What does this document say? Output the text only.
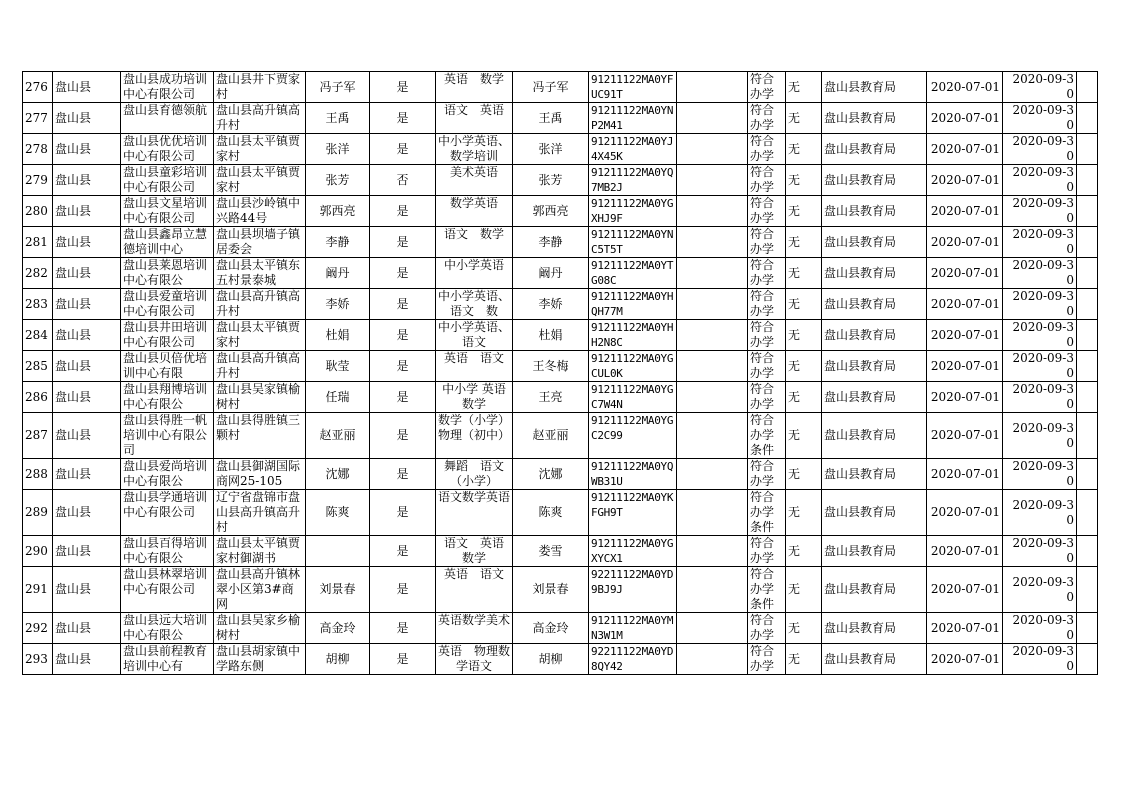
276	盘山县	盘山县成功培训中心有限公司	盘山县井下贾家村	冯子军	是	英语　数学	冯子军	91211122MA0YFUC91T		符合办学	无	盘山县教育局	2020-07-01	2020-09-30	

277	盘山县	盘山县育德领航	盘山县高升镇高升村	王禹	是	语文　英语	王禹	91211122MA0YNP2M41		符合办学	无	盘山县教育局	2020-07-01	2020-09-30	

278	盘山县	盘山县优优培训中心有限公司	盘山县太平镇贾家村	张洋	是	中小学英语、数学培训	张洋	91211122MA0YJ4X45K		符合办学	无	盘山县教育局	2020-07-01	2020-09-30	

279	盘山县	盘山县童彩培训中心有限公司	盘山县太平镇贾家村	张芳	否	美术英语	张芳	91211122MA0YQ7MB2J		符合办学	无	盘山县教育局	2020-07-01	2020-09-30	

280	盘山县	盘山县文星培训中心有限公司	盘山县沙岭镇中兴路44号	郭西亮	是	数学英语	郭西亮	91211122MA0YGXHJ9F		符合办学	无	盘山县教育局	2020-07-01	2020-09-30	

281	盘山县	盘山县鑫昂立慧德培训中心	盘山县坝墙子镇居委会	李静	是	语文　数学	李静	91211122MA0YNC5T5T		符合办学	无	盘山县教育局	2020-07-01	2020-09-30	

282	盘山县	盘山县莱恩培训中心有限公	盘山县太平镇东五村景泰城	阚丹	是	中小学英语	阚丹	91211122MA0YTG08C		符合办学	无	盘山县教育局	2020-07-01	2020-09-30	

283	盘山县	盘山县爱童培训中心有限公司	盘山县高升镇高升村	李娇	是	中小学英语、语文　数	李娇	91211122MA0YHQH77M		符合办学	无	盘山县教育局	2020-07-01	2020-09-30	

284	盘山县	盘山县井田培训中心有限公司	盘山县太平镇贾家村	杜娟	是	中小学英语、语文	杜娟	91211122MA0YHH2N8C		符合办学	无	盘山县教育局	2020-07-01	2020-09-30	

285	盘山县	盘山县贝倍优培训中心有限	盘山县高升镇高升村	耿莹	是	英语　语文	王冬梅	91211122MA0YGCUL0K		符合办学	无	盘山县教育局	2020-07-01	2020-09-30	

286	盘山县	盘山县翔博培训中心有限公	盘山县吴家镇榆树村	任瑞	是	中小学 英语 数学	王亮	91211122MA0YGC7W4N		符合办学	无	盘山县教育局	2020-07-01	2020-09-30	

287	盘山县	盘山县得胜一帆培训中心有限公司	盘山县得胜镇三颗村	赵亚丽	是	数学（小学）物理（初中）	赵亚丽	91211122MA0YGC2C99		符合办学条件	无	盘山县教育局	2020-07-01	2020-09-30	

288	盘山县	盘山县爱尚培训中心有限公	盘山县御湖国际商网25-105	沈娜	是	舞蹈　语文（小学）	沈娜	91211122MA0YQWB31U		符合办学	无	盘山县教育局	2020-07-01	2020-09-30	

289	盘山县	盘山县学通培训中心有限公司	辽宁省盘锦市盘山县高升镇高升村	陈爽	是	语文数学英语	陈爽	91211122MA0YKFGH9T		符合办学条件	无	盘山县教育局	2020-07-01	2020-09-30	

290	盘山县	盘山县百得培训中心有限公	盘山县太平镇贾家村御湖书		是	语文　英语　数学	娄雪	91211122MA0YGXYCX1		符合办学	无	盘山县教育局	2020-07-01	2020-09-30	

291	盘山县	盘山县林翠培训中心有限公司	盘山县高升镇林翠小区第3#商网	刘景春	是	英语　语文	刘景春	92211122MA0YD9BJ9J		符合办学条件	无	盘山县教育局	2020-07-01	2020-09-30	

292	盘山县	盘山县远大培训中心有限公	盘山县吴家乡榆树村	高金玲	是	英语数学美术	高金玲	91211122MA0YMN3W1M		符合办学	无	盘山县教育局	2020-07-01	2020-09-30	

293	盘山县	盘山县前程教育培训中心有	盘山县胡家镇中学路东侧	胡柳	是	英语　物理数学语文	胡柳	92211122MA0YD8QY42		符合办学	无	盘山县教育局	2020-07-01	2020-09-30	
